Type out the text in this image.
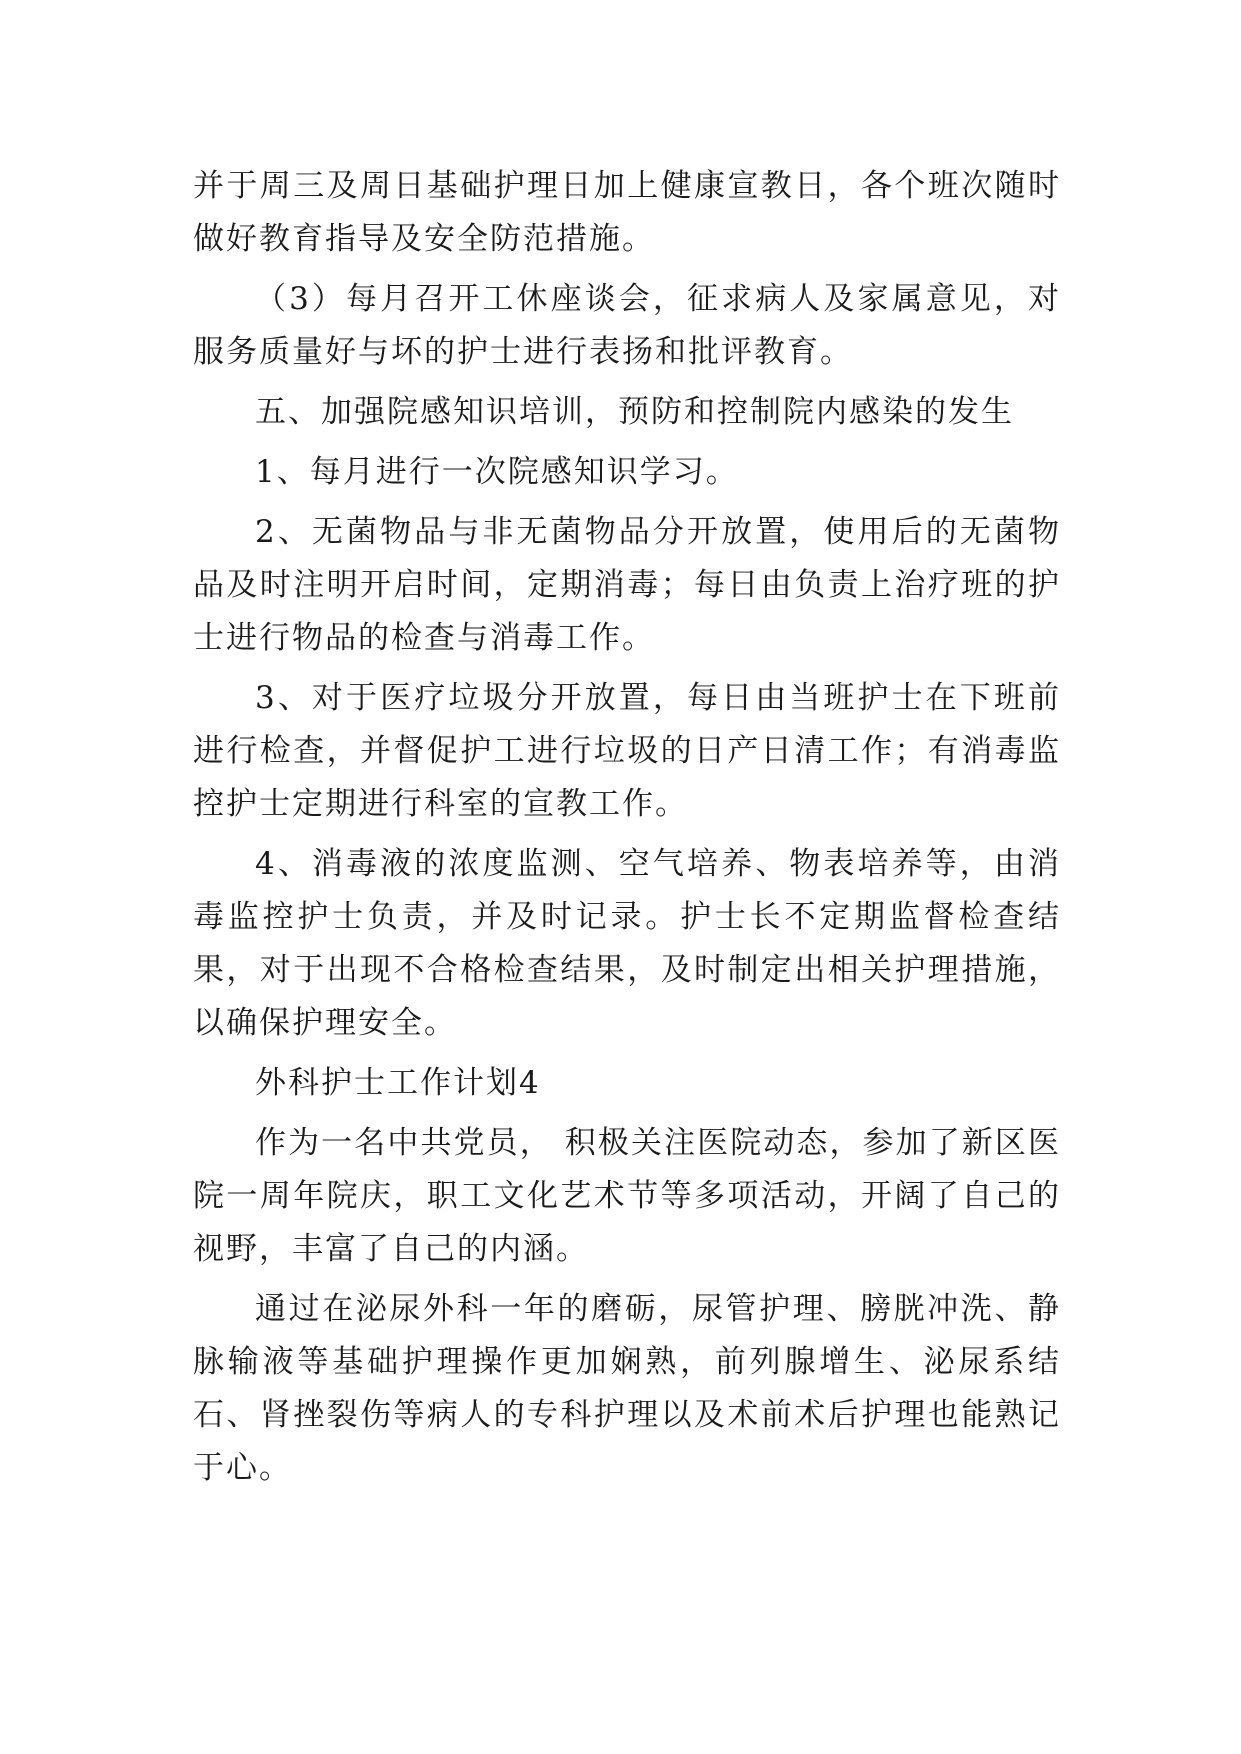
并于周三及周日基础护理日加上健康宣教日，各个班次随时做好教育指导及安全防范措施。

（3）每月召开工休座谈会，征求病人及家属意见，对服务质量好与坏的护士进行表扬和批评教育。

五、加强院感知识培训，预防和控制院内感染的发生

1、每月进行一次院感知识学习。

2、无菌物品与非无菌物品分开放置，使用后的无菌物品及时注明开启时间，定期消毒；每日由负责上治疗班的护士进行物品的检查与消毒工作。

3、对于医疗垃圾分开放置，每日由当班护士在下班前进行检查，并督促护工进行垃圾的日产日清工作；有消毒监控护士定期进行科室的宣教工作。

4、消毒液的浓度监测、空气培养、物表培养等，由消毒监控护士负责，并及时记录。护士长不定期监督检查结果，对于出现不合格检查结果，及时制定出相关护理措施，以确保护理安全。

外科护士工作计划4

作为一名中共党员， 积极关注医院动态，参加了新区医院一周年院庆，职工文化艺术节等多项活动，开阔了自己的视野，丰富了自己的内涵。

通过在泌尿外科一年的磨砺，尿管护理、膀胱冲洗、静脉输液等基础护理操作更加娴熟，前列腺增生、泌尿系结石、肾挫裂伤等病人的专科护理以及术前术后护理也能熟记于心。
